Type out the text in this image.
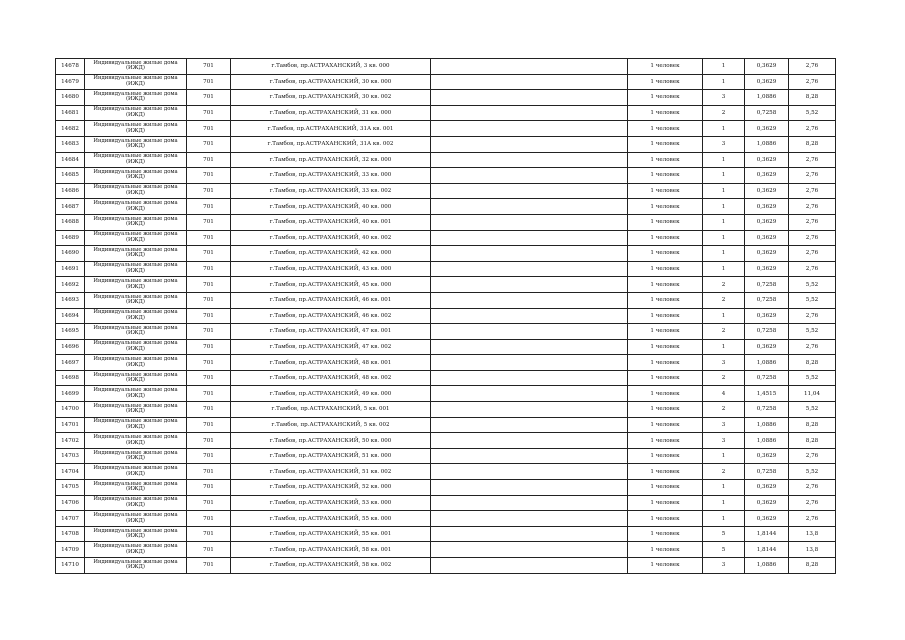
14678	Индивидуальные жилые дома (ИЖД)	701	г.Тамбов, пр.АСТРАХАНСКИЙ, 3 кв. 000		1 человек	1	0,3629	2,76
14679	Индивидуальные жилые дома (ИЖД)	701	г.Тамбов, пр.АСТРАХАНСКИЙ, 30 кв. 000		1 человек	1	0,3629	2,76
14680	Индивидуальные жилые дома (ИЖД)	701	г.Тамбов, пр.АСТРАХАНСКИЙ, 30 кв. 002		1 человек	3	1,0886	8,28
14681	Индивидуальные жилые дома (ИЖД)	701	г.Тамбов, пр.АСТРАХАНСКИЙ, 31 кв. 000		1 человек	2	0,7258	5,52
14682	Индивидуальные жилые дома (ИЖД)	701	г.Тамбов, пр.АСТРАХАНСКИЙ, 31А кв. 001		1 человек	1	0,3629	2,76
14683	Индивидуальные жилые дома (ИЖД)	701	г.Тамбов, пр.АСТРАХАНСКИЙ, 31А кв. 002		1 человек	3	1,0886	8,28
14684	Индивидуальные жилые дома (ИЖД)	701	г.Тамбов, пр.АСТРАХАНСКИЙ, 32 кв. 000		1 человек	1	0,3629	2,76
14685	Индивидуальные жилые дома (ИЖД)	701	г.Тамбов, пр.АСТРАХАНСКИЙ, 33 кв. 000		1 человек	1	0,3629	2,76
14686	Индивидуальные жилые дома (ИЖД)	701	г.Тамбов, пр.АСТРАХАНСКИЙ, 33 кв. 002		1 человек	1	0,3629	2,76
14687	Индивидуальные жилые дома (ИЖД)	701	г.Тамбов, пр.АСТРАХАНСКИЙ, 40 кв. 000		1 человек	1	0,3629	2,76
14688	Индивидуальные жилые дома (ИЖД)	701	г.Тамбов, пр.АСТРАХАНСКИЙ, 40 кв. 001		1 человек	1	0,3629	2,76
14689	Индивидуальные жилые дома (ИЖД)	701	г.Тамбов, пр.АСТРАХАНСКИЙ, 40 кв. 002		1 человек	1	0,3629	2,76
14690	Индивидуальные жилые дома (ИЖД)	701	г.Тамбов, пр.АСТРАХАНСКИЙ, 42 кв. 000		1 человек	1	0,3629	2,76
14691	Индивидуальные жилые дома (ИЖД)	701	г.Тамбов, пр.АСТРАХАНСКИЙ, 43 кв. 000		1 человек	1	0,3629	2,76
14692	Индивидуальные жилые дома (ИЖД)	701	г.Тамбов, пр.АСТРАХАНСКИЙ, 45 кв. 000		1 человек	2	0,7258	5,52
14693	Индивидуальные жилые дома (ИЖД)	701	г.Тамбов, пр.АСТРАХАНСКИЙ, 46 кв. 001		1 человек	2	0,7258	5,52
14694	Индивидуальные жилые дома (ИЖД)	701	г.Тамбов, пр.АСТРАХАНСКИЙ, 46 кв. 002		1 человек	1	0,3629	2,76
14695	Индивидуальные жилые дома (ИЖД)	701	г.Тамбов, пр.АСТРАХАНСКИЙ, 47 кв. 001		1 человек	2	0,7258	5,52
14696	Индивидуальные жилые дома (ИЖД)	701	г.Тамбов, пр.АСТРАХАНСКИЙ, 47 кв. 002		1 человек	1	0,3629	2,76
14697	Индивидуальные жилые дома (ИЖД)	701	г.Тамбов, пр.АСТРАХАНСКИЙ, 48 кв. 001		1 человек	3	1,0886	8,28
14698	Индивидуальные жилые дома (ИЖД)	701	г.Тамбов, пр.АСТРАХАНСКИЙ, 48 кв. 002		1 человек	2	0,7258	5,52
14699	Индивидуальные жилые дома (ИЖД)	701	г.Тамбов, пр.АСТРАХАНСКИЙ, 49 кв. 000		1 человек	4	1,4515	11,04
14700	Индивидуальные жилые дома (ИЖД)	701	г.Тамбов, пр.АСТРАХАНСКИЙ, 5 кв. 001		1 человек	2	0,7258	5,52
14701	Индивидуальные жилые дома (ИЖД)	701	г.Тамбов, пр.АСТРАХАНСКИЙ, 5 кв. 002		1 человек	3	1,0886	8,28
14702	Индивидуальные жилые дома (ИЖД)	701	г.Тамбов, пр.АСТРАХАНСКИЙ, 50 кв. 000		1 человек	3	1,0886	8,28
14703	Индивидуальные жилые дома (ИЖД)	701	г.Тамбов, пр.АСТРАХАНСКИЙ, 51 кв. 000		1 человек	1	0,3629	2,76
14704	Индивидуальные жилые дома (ИЖД)	701	г.Тамбов, пр.АСТРАХАНСКИЙ, 51 кв. 002		1 человек	2	0,7258	5,52
14705	Индивидуальные жилые дома (ИЖД)	701	г.Тамбов, пр.АСТРАХАНСКИЙ, 52 кв. 000		1 человек	1	0,3629	2,76
14706	Индивидуальные жилые дома (ИЖД)	701	г.Тамбов, пр.АСТРАХАНСКИЙ, 53 кв. 000		1 человек	1	0,3629	2,76
14707	Индивидуальные жилые дома (ИЖД)	701	г.Тамбов, пр.АСТРАХАНСКИЙ, 55 кв. 000		1 человек	1	0,3629	2,76
14708	Индивидуальные жилые дома (ИЖД)	701	г.Тамбов, пр.АСТРАХАНСКИЙ, 55 кв. 001		1 человек	5	1,8144	13,8
14709	Индивидуальные жилые дома (ИЖД)	701	г.Тамбов, пр.АСТРАХАНСКИЙ, 58 кв. 001		1 человек	5	1,8144	13,8
14710	Индивидуальные жилые дома (ИЖД)	701	г.Тамбов, пр.АСТРАХАНСКИЙ, 58 кв. 002		1 человек	3	1,0886	8,28
